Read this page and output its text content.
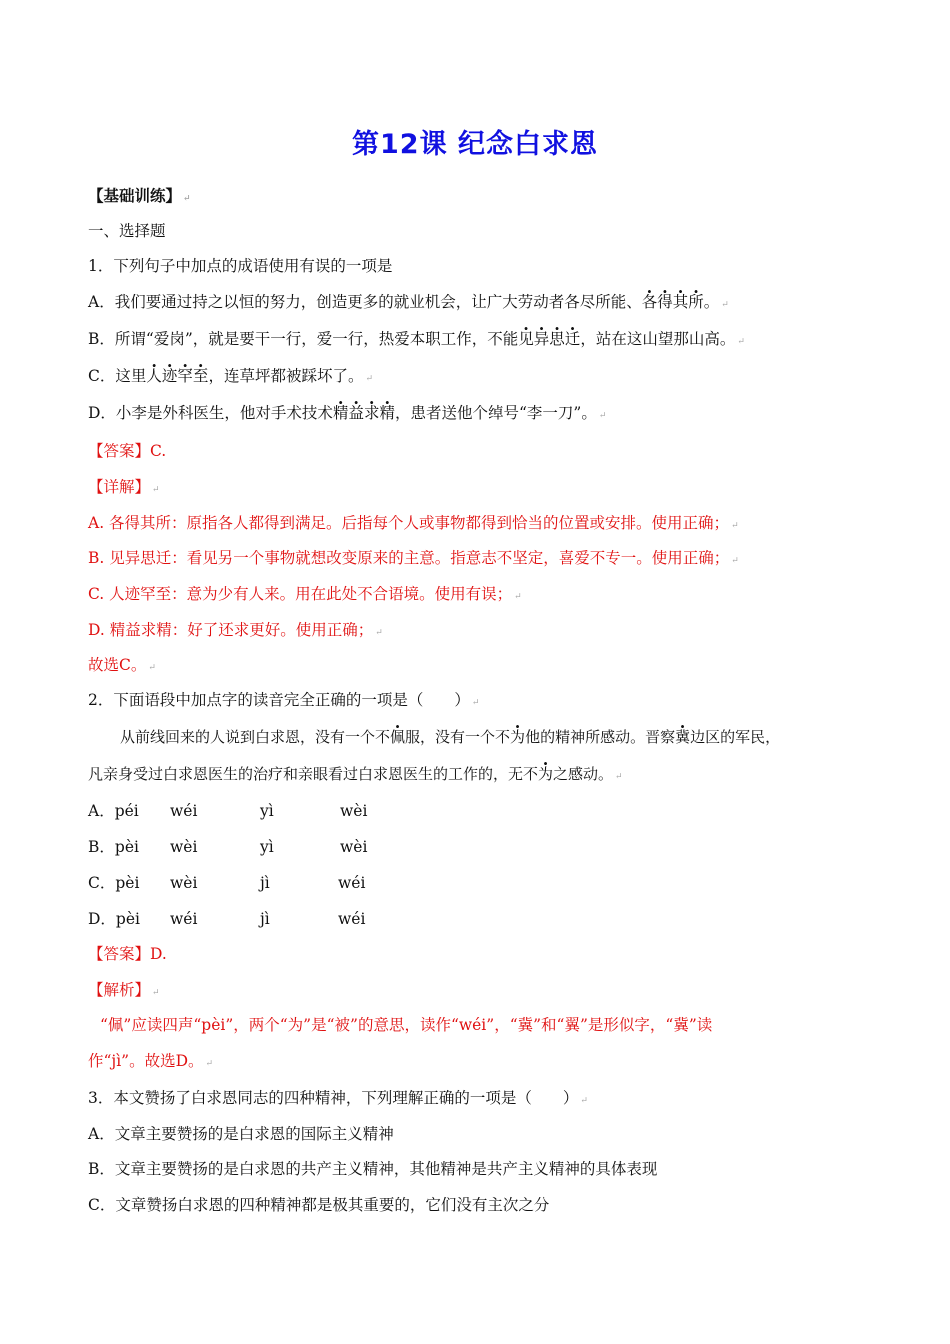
第12课 纪念白求恩
【基础训练】 ↵
一、选择题
1．下列句子中加点的成语使用有误的一项是
A．我们要通过持之以恒的努力，创造更多的就业机会，让广大劳动者各尽所能、各得其所。 ↵
B．所谓“爱岗”，就是要干一行，爱一行，热爱本职工作，不能见异思迁，站在这山望那山高。 ↵
C．这里人迹罕至，连草坪都被踩坏了。 ↵
D．小李是外科医生，他对手术技术精益求精，患者送他个绰号“李一刀”。 ↵
【答案】C.
【详解】 ↵
A. 各得其所：原指各人都得到满足。后指每个人或事物都得到恰当的位置或安排。使用正确； ↵
B. 见异思迁：看见另一个事物就想改变原来的主意。指意志不坚定，喜爱不专一。使用正确； ↵
C. 人迹罕至：意为少有人来。用在此处不合语境。使用有误； ↵
D. 精益求精：好了还求更好。使用正确； ↵
故选C。 ↵
2．下面语段中加点字的读音完全正确的一项是（　　） ↵
从前线回来的人说到白求恩，没有一个不佩服，没有一个不为他的精神所感动。晋察冀边区的军民，
凡亲身受过白求恩医生的治疗和亲眼看过白求恩医生的工作的，无不为之感动。 ↵
A．péi wéi	yì	wèi
B．pèi wèi	yì	wèi
C．pèi wèi	jì	wéi
D．pèi wéi	jì	wéi
【答案】D.
【解析】 ↵
“佩”应读四声“pèi”，两个“为”是“被”的意思，读作“wéi”，“冀”和“翼”是形似字，“冀”读
作“jì”。故选D。 ↵
3．本文赞扬了白求恩同志的四种精神，下列理解正确的一项是（　　） ↵
A．文章主要赞扬的是白求恩的国际主义精神
B．文章主要赞扬的是白求恩的共产主义精神，其他精神是共产主义精神的具体表现
C．文章赞扬白求恩的四种精神都是极其重要的，它们没有主次之分
